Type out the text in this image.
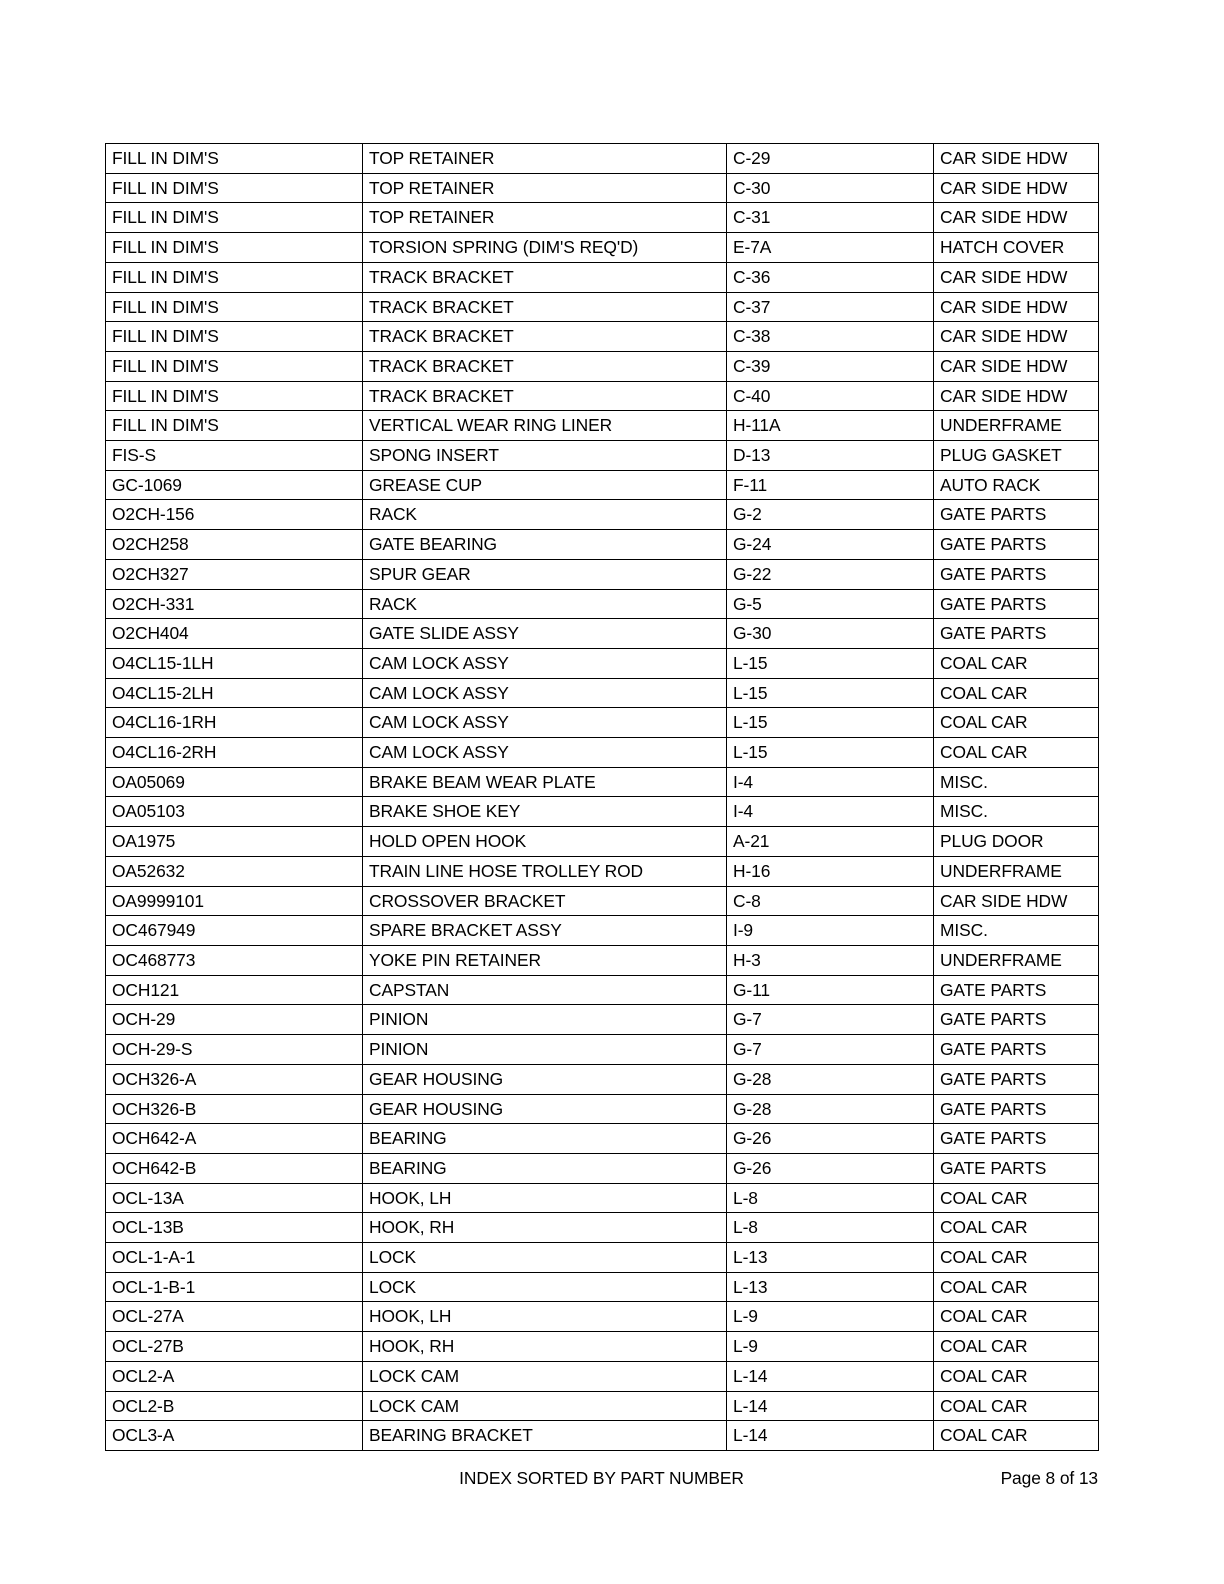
FILL IN DIM'S	TOP RETAINER	C-29	CAR SIDE HDW
FILL IN DIM'S	TOP RETAINER	C-30	CAR SIDE HDW
FILL IN DIM'S	TOP RETAINER	C-31	CAR SIDE HDW
FILL IN DIM'S	TORSION SPRING (DIM'S REQ'D)	E-7A	HATCH COVER
FILL IN DIM'S	TRACK BRACKET	C-36	CAR SIDE HDW
FILL IN DIM'S	TRACK BRACKET	C-37	CAR SIDE HDW
FILL IN DIM'S	TRACK BRACKET	C-38	CAR SIDE HDW
FILL IN DIM'S	TRACK BRACKET	C-39	CAR SIDE HDW
FILL IN DIM'S	TRACK BRACKET	C-40	CAR SIDE HDW
FILL IN DIM'S	VERTICAL WEAR RING LINER	H-11A	UNDERFRAME
FIS-S	SPONG INSERT	D-13	PLUG GASKET
GC-1069	GREASE CUP	F-11	AUTO RACK
O2CH-156	RACK	G-2	GATE PARTS
O2CH258	GATE BEARING	G-24	GATE PARTS
O2CH327	SPUR GEAR	G-22	GATE PARTS
O2CH-331	RACK	G-5	GATE PARTS
O2CH404	GATE SLIDE ASSY	G-30	GATE PARTS
O4CL15-1LH	CAM LOCK ASSY	L-15	COAL CAR
O4CL15-2LH	CAM LOCK ASSY	L-15	COAL CAR
O4CL16-1RH	CAM LOCK ASSY	L-15	COAL CAR
O4CL16-2RH	CAM LOCK ASSY	L-15	COAL CAR
OA05069	BRAKE BEAM WEAR PLATE	I-4	MISC.
OA05103	BRAKE SHOE KEY	I-4	MISC.
OA1975	HOLD OPEN HOOK	A-21	PLUG DOOR
OA52632	TRAIN LINE HOSE TROLLEY ROD	H-16	UNDERFRAME
OA9999101	CROSSOVER BRACKET	C-8	CAR SIDE HDW
OC467949	SPARE BRACKET ASSY	I-9	MISC.
OC468773	YOKE PIN RETAINER	H-3	UNDERFRAME
OCH121	CAPSTAN	G-11	GATE PARTS
OCH-29	PINION	G-7	GATE PARTS
OCH-29-S	PINION	G-7	GATE PARTS
OCH326-A	GEAR HOUSING	G-28	GATE PARTS
OCH326-B	GEAR HOUSING	G-28	GATE PARTS
OCH642-A	BEARING	G-26	GATE PARTS
OCH642-B	BEARING	G-26	GATE PARTS
OCL-13A	HOOK, LH	L-8	COAL CAR
OCL-13B	HOOK, RH	L-8	COAL CAR
OCL-1-A-1	LOCK	L-13	COAL CAR
OCL-1-B-1	LOCK	L-13	COAL CAR
OCL-27A	HOOK, LH	L-9	COAL CAR
OCL-27B	HOOK, RH	L-9	COAL CAR
OCL2-A	LOCK CAM	L-14	COAL CAR
OCL2-B	LOCK CAM	L-14	COAL CAR
OCL3-A	BEARING BRACKET	L-14	COAL CAR
INDEX SORTED BY PART NUMBER	Page 8 of 13
